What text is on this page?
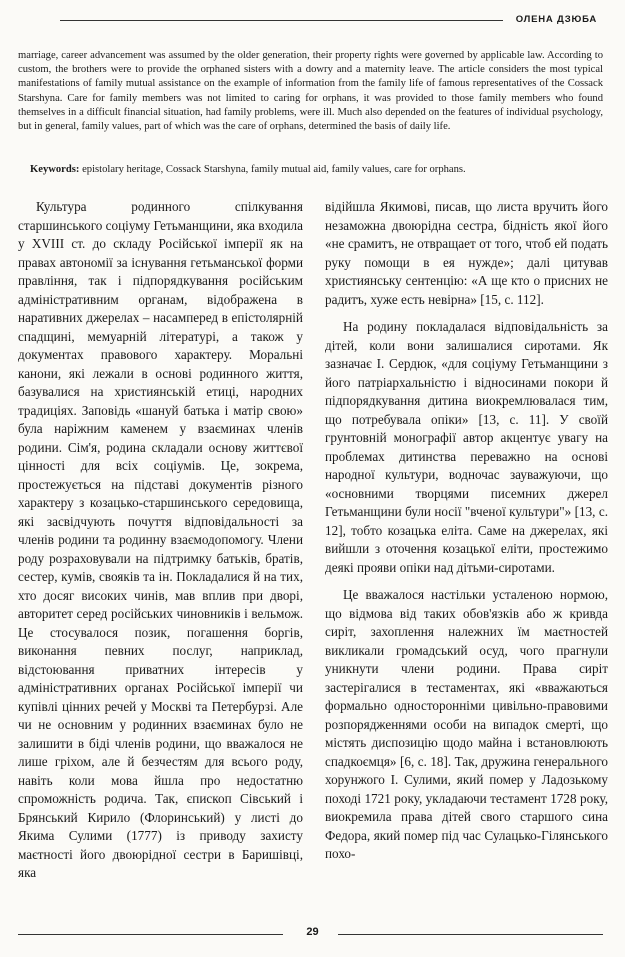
ОЛЕНА ДЗЮБА
marriage, career advancement was assumed by the older generation, their property rights were governed by applicable law. According to custom, the brothers were to provide the orphaned sisters with a dowry and a maternity leave. The article considers the most typical manifestations of family mutual assistance on the example of information from the family life of famous representatives of the Cossack Starshyna. Care for family members was not limited to caring for orphans, it was provided to those family members who found themselves in a difficult financial situation, had family problems, were ill. Much also depended on the features of individual psychology, but in general, family values, part of which was the care of orphans, determined the basis of daily life.
Keywords: epistolary heritage, Cossack Starshyna, family mutual aid, family values, care for orphans.

Культура родинного спілкування старшинського соціуму Гетьманщини, яка входила у XVIII ст. до складу Російської імперії як на правах автономії за існування гетьманської форми правління, так і підпорядкування російським адміністративним органам, відображена в наративних джерелах – насамперед в епістолярній спадщині, мемуарній літературі, а також у документах правового характеру. Моральні канони, які лежали в основі родинного життя, базувалися на християнській етиці, народних традиціях. Заповідь «шануй батька і матір свою» була наріжним каменем у взаєминах членів родини. Сім'я, родина складали основу життєвої цінності для всіх соціумів. Це, зокрема, простежується на підставі документів різного характеру з козацько-старшинського середовища, які засвідчують почуття відповідальності за членів родини та родинну взаємодопомогу. Члени роду розраховували на підтримку батьків, братів, сестер, кумів, свояків та ін. Покладалися й на тих, хто досяг високих чинів, мав вплив при дворі, авторитет серед російських чиновників і вельмож. Це стосувалося позик, погашення боргів, виконання певних послуг, наприклад, відстоювання приватних інтересів у адміністративних органах Російської імперії чи купівлі цінних речей у Москві та Петербурзі. Але чи не основним у родинних взаєминах було не залишити в біді членів родини, що вважалося не лише гріхом, але й безчестям для всього роду, навіть коли мова йшла про недостатню спроможність родича. Так, єпископ Сівський і Брянський Кирило (Флоринський) у листі до Якима Сулими (1777) із приводу захисту маєтності його двоюрідної сестри в Баришівці, яка

відійшла Якимові, писав, що листа вручить його незаможна двоюрідна сестра, бідність якої його «не срамитъ, не отвращает от того, чтоб ей подать руку помощи в ея нужде»; далі цитував християнську сентенцію: «А ще кто о присних не радитъ, хуже есть невірна» [15, с. 112].

На родину покладалася відповідальність за дітей, коли вони залишалися сиротами. Як зазначає І. Сердюк, «для соціуму Гетьманщини з його патріархальністю і відносинами покори й підпорядкування дитина виокремлювалася тим, що потребувала опіки» [13, с. 11]. У своїй грунтовній монографії автор акцентує увагу на проблемах дитинства переважно на основі народної культури, водночас зауважуючи, що «основними творцями писемних джерел Гетьманщини були носії "вченої культури"» [13, с. 12], тобто козацька еліта. Саме на джерелах, які вийшли з оточення козацької еліти, простежимо деякі прояви опіки над дітьми-сиротами.

Це вважалося настільки усталеною нормою, що відмова від таких обов'язків або ж кривда сиріт, захоплення належних їм маєтностей викликали громадський осуд, чого прагнули уникнути члени родини. Права сиріт застерігалися в тестаментах, які «вважаються формально односторонніми цивільно-правовими розпорядженнями особи на випадок смерті, що містять диспозицію щодо майна і встановлюють спадкоємця» [6, с. 18]. Так, дружина генерального хорунжого І. Сулими, який помер у Ладозькому поході 1721 року, укладаючи тестамент 1728 року, виокремила права дітей свого старшого сина Федора, який помер під час Сулацько-Гілянського похо-

29
